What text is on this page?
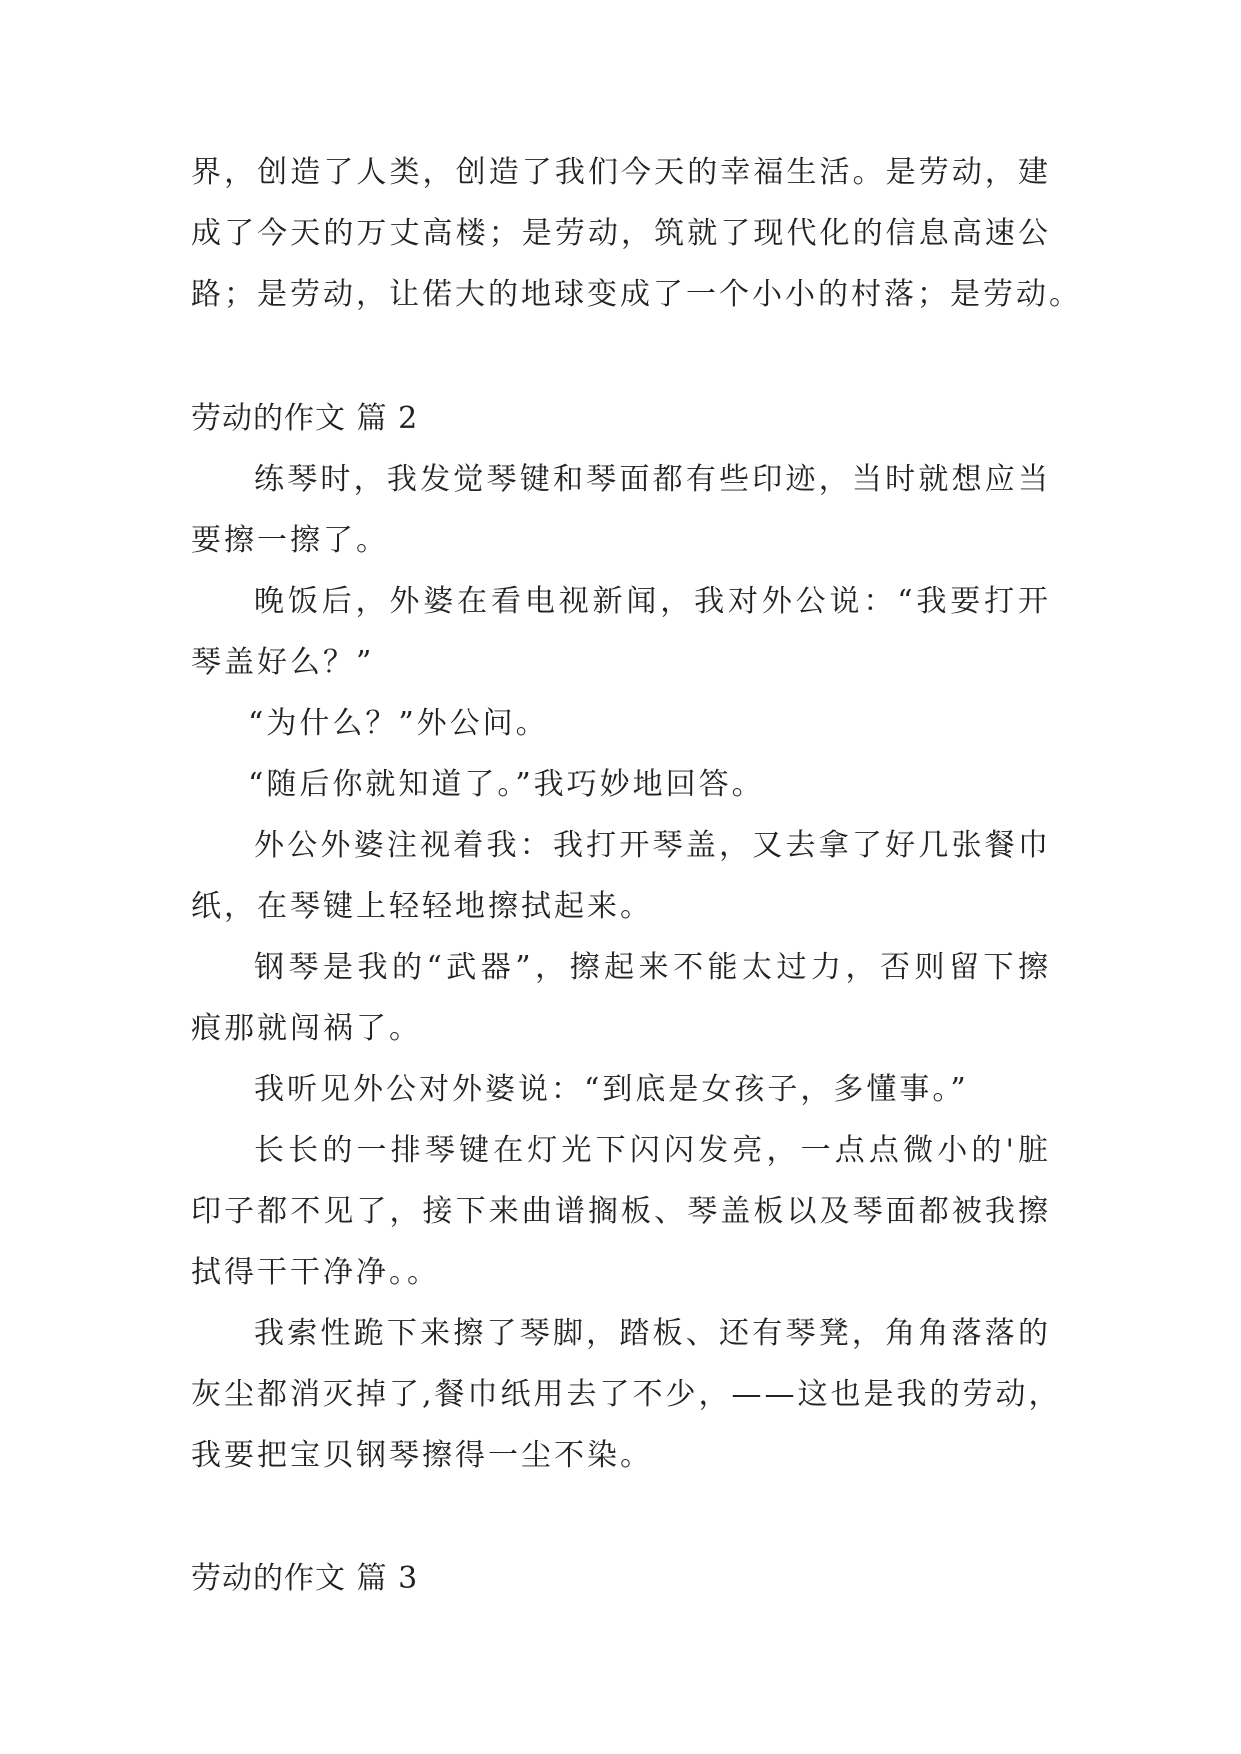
界，创造了人类，创造了我们今天的幸福生活。是劳动，建
成了今天的万丈高楼；是劳动，筑就了现代化的信息高速公
路；是劳动，让偌大的地球变成了一个小小的村落；是劳动。
劳动的作文 篇 2
练琴时，我发觉琴键和琴面都有些印迹，当时就想应当
要擦一擦了。
晚饭后，外婆在看电视新闻，我对外公说：“我要打开
琴盖好么？”
“为什么？”外公问。
“随后你就知道了。”我巧妙地回答。
外公外婆注视着我：我打开琴盖，又去拿了好几张餐巾
纸，在琴键上轻轻地擦拭起来。
钢琴是我的“武器”，擦起来不能太过力，否则留下擦
痕那就闯祸了。
我听见外公对外婆说：“到底是女孩子，多懂事。”
长长的一排琴键在灯光下闪闪发亮，一点点微小的'脏
印子都不见了，接下来曲谱搁板、琴盖板以及琴面都被我擦
拭得干干净净。。
我索性跪下来擦了琴脚，踏板、还有琴凳，角角落落的
灰尘都消灭掉了,餐巾纸用去了不少，——这也是我的劳动，
我要把宝贝钢琴擦得一尘不染。
劳动的作文 篇 3
